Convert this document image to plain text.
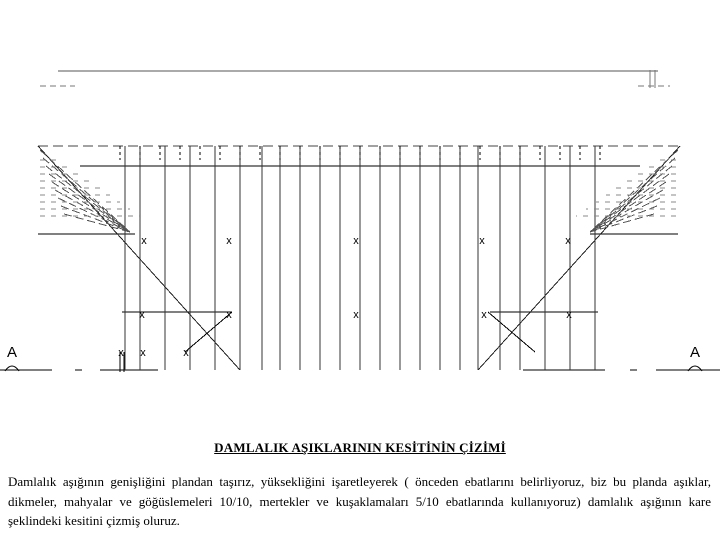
x	x	x	x	x
x	x	x	x	x
x x	x
A	A
DAMLALIK AŞIKLARININ KESİTİNİN ÇİZİMİ
Damlalık aşığının genişliğini plandan taşırız, yüksekliğini işaretleyerek ( önceden ebatlarını belirliyoruz, biz bu planda aşıklar, dikmeler, mahyalar ve göğüslemeleri 10/10, mertekler ve kuşaklamaları 5/10 ebatlarında kullanıyoruz) damlalık aşığının kare şeklindeki kesitini çizmiş oluruz.
